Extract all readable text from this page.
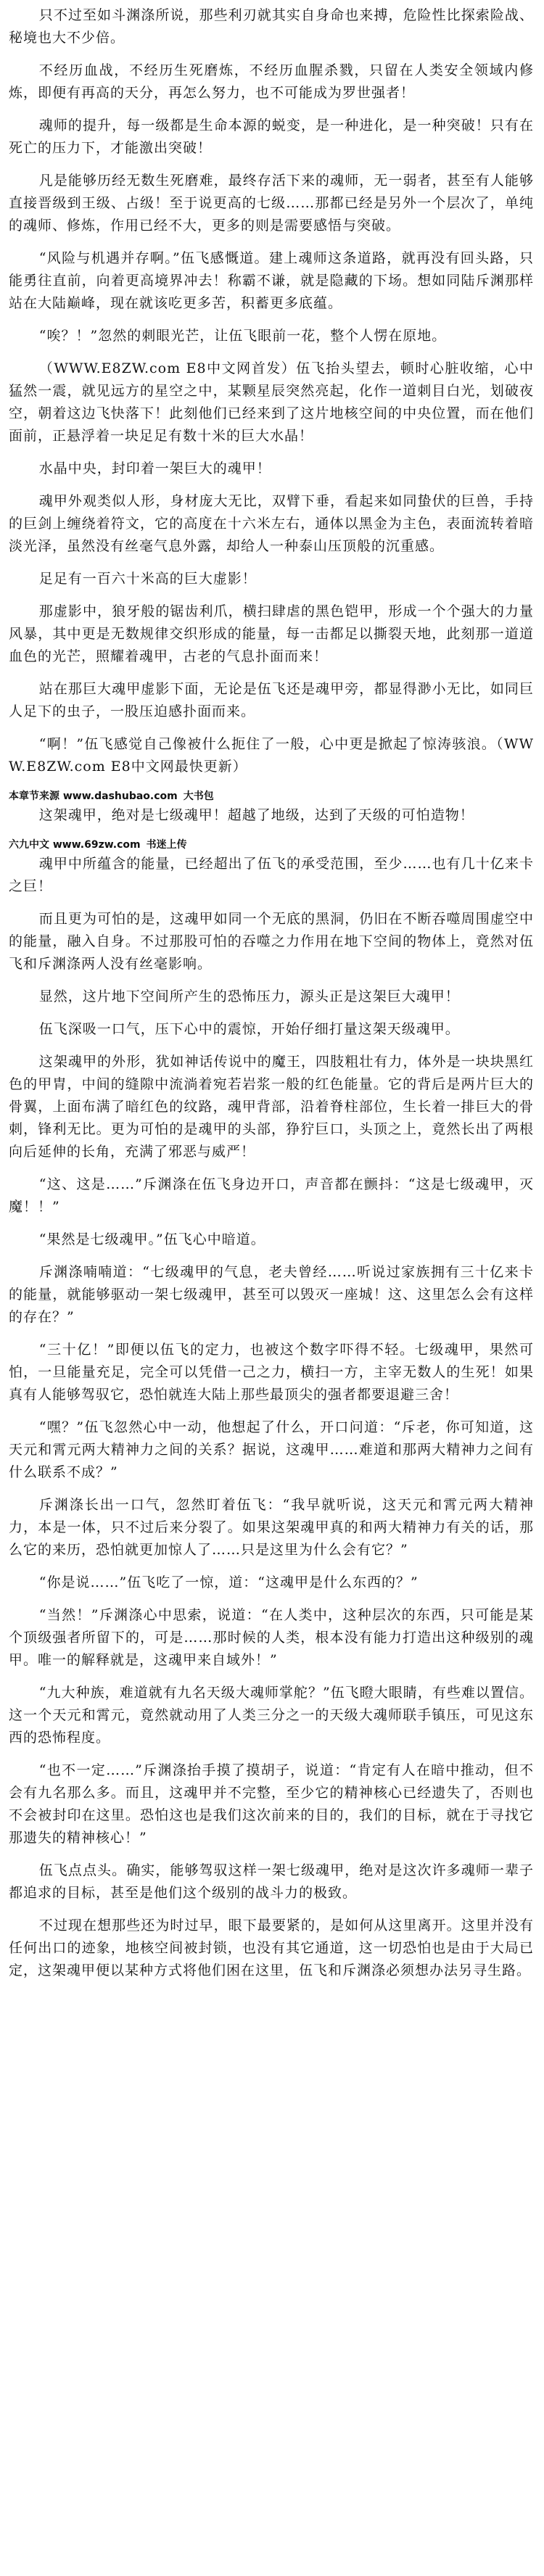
只不过至如斗渊涤所说，那些利刃就其实自身命也来搏，危险性比探索险战、秘境也大不少倍。

不经历血战，不经历生死磨炼，不经历血腥杀戮，只留在人类安全领域内修炼，即便有再高的天分，再怎么努力，也不可能成为罗世强者！

魂师的提升，每一级都是生命本源的蜕变，是一种进化，是一种突破！只有在死亡的压力下，才能激出突破！

凡是能够历经无数生死磨难，最终存活下来的魂师，无一弱者，甚至有人能够直接晋级到王级、占级！至于说更高的七级……那都已经是另外一个层次了，单纯的魂师、修炼，作用已经不大，更多的则是需要感悟与突破。

“风险与机遇并存啊。”伍飞感慨道。建上魂师这条道路，就再没有回头路，只能勇往直前，向着更高境界冲去！称霸不谦，就是隐藏的下场。想如同陆斥渊那样站在大陆巅峰，现在就该吃更多苦，积蓄更多底蕴。

“唉？！”忽然的刺眼光芒，让伍飞眼前一花，整个人愣在原地。

（WWW.E8ZW.com E8中文网首发）伍飞抬头望去，顿时心脏收缩，心中猛然一震，就见远方的星空之中，某颗星辰突然亮起，化作一道刺目白光，划破夜空，朝着这边飞快落下！此刻他们已经来到了这片地核空间的中央位置，而在他们面前，正悬浮着一块足足有数十米的巨大水晶！

水晶中央，封印着一架巨大的魂甲！

魂甲外观类似人形，身材庞大无比，双臂下垂，看起来如同蛰伏的巨兽，手持的巨剑上缠绕着符文，它的高度在十六米左右，通体以黑金为主色，表面流转着暗淡光泽，虽然没有丝毫气息外露，却给人一种泰山压顶般的沉重感。

足足有一百六十米高的巨大虚影！

那虚影中，狼牙般的锯齿利爪，横扫肆虐的黑色铠甲，形成一个个强大的力量风暴，其中更是无数规律交织形成的能量，每一击都足以撕裂天地，此刻那一道道血色的光芒，照耀着魂甲，古老的气息扑面而来！

站在那巨大魂甲虚影下面，无论是伍飞还是魂甲旁，都显得渺小无比，如同巨人足下的虫子，一股压迫感扑面而来。

“啊！”伍飞感觉自己像被什么扼住了一般，心中更是掀起了惊涛骇浪。（WWW.E8ZW.com E8中文网最快更新）

本章节来源 www.dashubao.com 大书包

这架魂甲，绝对是七级魂甲！超越了地级，达到了天级的可怕造物！

六九中文 www.69zw.com 书迷上传

魂甲中所蕴含的能量，已经超出了伍飞的承受范围，至少……也有几十亿来卡之巨！

而且更为可怕的是，这魂甲如同一个无底的黑洞，仍旧在不断吞噬周围虚空中的能量，融入自身。不过那股可怕的吞噬之力作用在地下空间的物体上，竟然对伍飞和斥渊涤两人没有丝毫影响。

显然，这片地下空间所产生的恐怖压力，源头正是这架巨大魂甲！

伍飞深吸一口气，压下心中的震惊，开始仔细打量这架天级魂甲。

这架魂甲的外形，犹如神话传说中的魔王，四肢粗壮有力，体外是一块块黑红色的甲胄，中间的缝隙中流淌着宛若岩浆一般的红色能量。它的背后是两片巨大的骨翼，上面布满了暗红色的纹路，魂甲背部，沿着脊柱部位，生长着一排巨大的骨刺，锋利无比。更为可怕的是魂甲的头部，狰狞巨口，头顶之上，竟然长出了两根向后延伸的长角，充满了邪恶与威严！

“这、这是……”斥渊涤在伍飞身边开口，声音都在颤抖：“这是七级魂甲，灭魔！！”

“果然是七级魂甲。”伍飞心中暗道。

斥渊涤喃喃道：“七级魂甲的气息，老夫曾经……听说过家族拥有三十亿来卡的能量，就能够驱动一架七级魂甲，甚至可以毁灭一座城！这、这里怎么会有这样的存在？”

“三十亿！”即便以伍飞的定力，也被这个数字吓得不轻。七级魂甲，果然可怕，一旦能量充足，完全可以凭借一己之力，横扫一方，主宰无数人的生死！如果真有人能够驾驭它，恐怕就连大陆上那些最顶尖的强者都要退避三舍！

“嘿？”伍飞忽然心中一动，他想起了什么，开口问道：“斥老，你可知道，这天元和霄元两大精神力之间的关系？据说，这魂甲……难道和那两大精神力之间有什么联系不成？”

斥渊涤长出一口气，忽然盯着伍飞：“我早就听说，这天元和霄元两大精神力，本是一体，只不过后来分裂了。如果这架魂甲真的和两大精神力有关的话，那么它的来历，恐怕就更加惊人了……只是这里为什么会有它？”

“你是说……”伍飞吃了一惊，道：“这魂甲是什么东西的？”

“当然！”斥渊涤心中思索，说道：“在人类中，这种层次的东西，只可能是某个顶级强者所留下的，可是……那时候的人类，根本没有能力打造出这种级别的魂甲。唯一的解释就是，这魂甲来自域外！”

“九大种族，难道就有九名天级大魂师掌舵？”伍飞瞪大眼睛，有些难以置信。这一个天元和霄元，竟然就动用了人类三分之一的天级大魂师联手镇压，可见这东西的恐怖程度。

“也不一定……”斥渊涤抬手摸了摸胡子，说道：“肯定有人在暗中推动，但不会有九名那么多。而且，这魂甲并不完整，至少它的精神核心已经遗失了，否则也不会被封印在这里。恐怕这也是我们这次前来的目的，我们的目标，就在于寻找它那遗失的精神核心！”

伍飞点点头。确实，能够驾驭这样一架七级魂甲，绝对是这次许多魂师一辈子都追求的目标，甚至是他们这个级别的战斗力的极致。

不过现在想那些还为时过早，眼下最要紧的，是如何从这里离开。这里并没有任何出口的迹象，地核空间被封锁，也没有其它通道，这一切恐怕也是由于大局已定，这架魂甲便以某种方式将他们困在这里，伍飞和斥渊涤必须想办法另寻生路。
